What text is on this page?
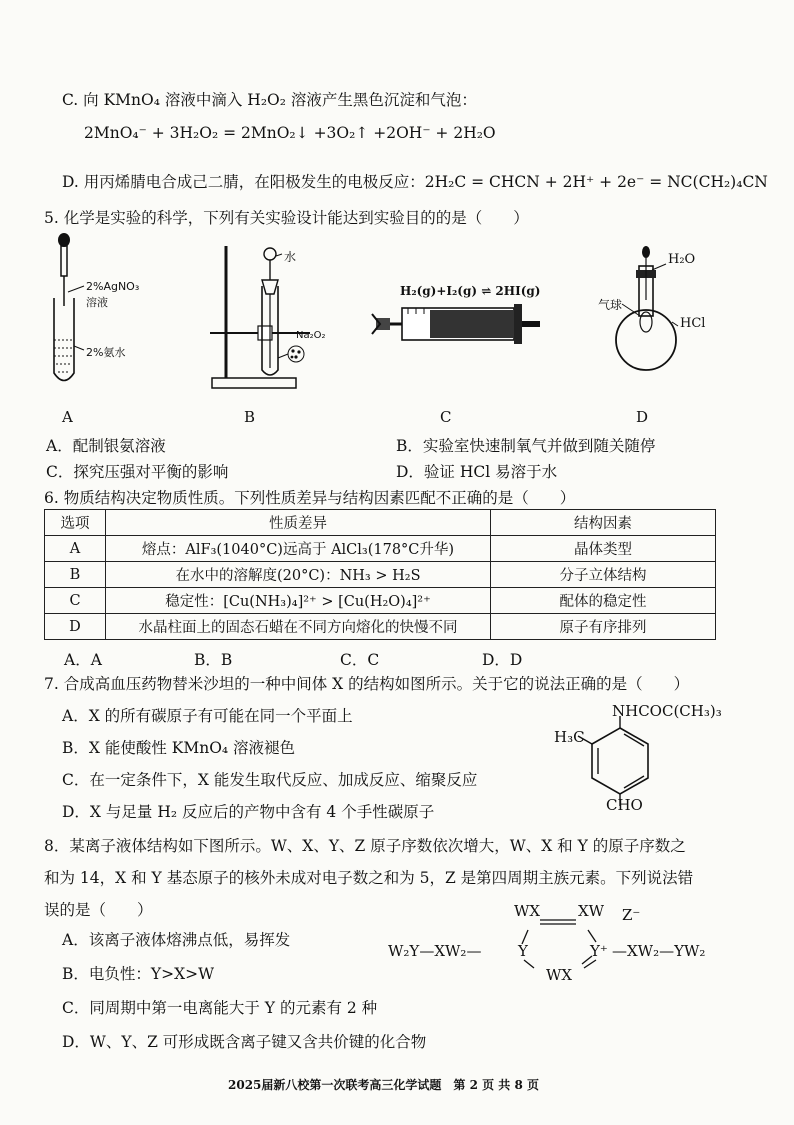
C. 向 KMnO₄ 溶液中滴入 H₂O₂ 溶液产生黑色沉淀和气泡：
2MnO₄⁻ + 3H₂O₂ = 2MnO₂↓ +3O₂↑ +2OH⁻ + 2H₂O
D. 用丙烯腈电合成己二腈，在阳极发生的电极反应：2H₂C = CHCN + 2H⁺ + 2e⁻ = NC(CH₂)₄CN
5. 化学是实验的科学，下列有关实验设计能达到实验目的的是（　　）
2%AgNO₃
溶液
2%氨水
A
水
Na₂O₂
B
H₂(g)+I₂(g) ⇌ 2HI(g)
C
H₂O
气球
HCl
D
A．配制银氨溶液	B．实验室快速制氧气并做到随关随停
C．探究压强对平衡的影响	D．验证 HCl 易溶于水
6. 物质结构决定物质性质。下列性质差异与结构因素匹配不正确的是（　　）
选项	性质差异	结构因素
A	熔点：AlF₃(1040°C)远高于 AlCl₃(178°C升华)	晶体类型
B	在水中的溶解度(20°C)：NH₃ > H₂S	分子立体结构
C	稳定性：[Cu(NH₃)₄]²⁺ > [Cu(H₂O)₄]²⁺	配体的稳定性
D	水晶柱面上的固态石蜡在不同方向熔化的快慢不同	原子有序排列
A．A	B．B	C．C	D．D
7. 合成高血压药物替米沙坦的一种中间体 X 的结构如图所示。关于它的说法正确的是（　　）
A．X 的所有碳原子有可能在同一个平面上
B．X 能使酸性 KMnO₄ 溶液褪色
C．在一定条件下，X 能发生取代反应、加成反应、缩聚反应
D．X 与足量 H₂ 反应后的产物中含有 4 个手性碳原子
NHCOC(CH₃)₃
H₃C
CHO
8．某离子液体结构如下图所示。W、X、Y、Z 原子序数依次增大，W、X 和 Y 的原子序数之
和为 14，X 和 Y 基态原子的核外未成对电子数之和为 5，Z 是第四周期主族元素。下列说法错
误的是（　　）
A．该离子液体熔沸点低，易挥发
B．电负性：Y>X>W
C．同周期中第一电离能大于 Y 的元素有 2 种
D．W、Y、Z 可形成既含离子键又含共价键的化合物
WX	XW Z⁻
W₂Y—XW₂— Y	Y⁺ —XW₂—YW₂
WX
2025届新八校第一次联考高三化学试题　第 2 页 共 8 页
